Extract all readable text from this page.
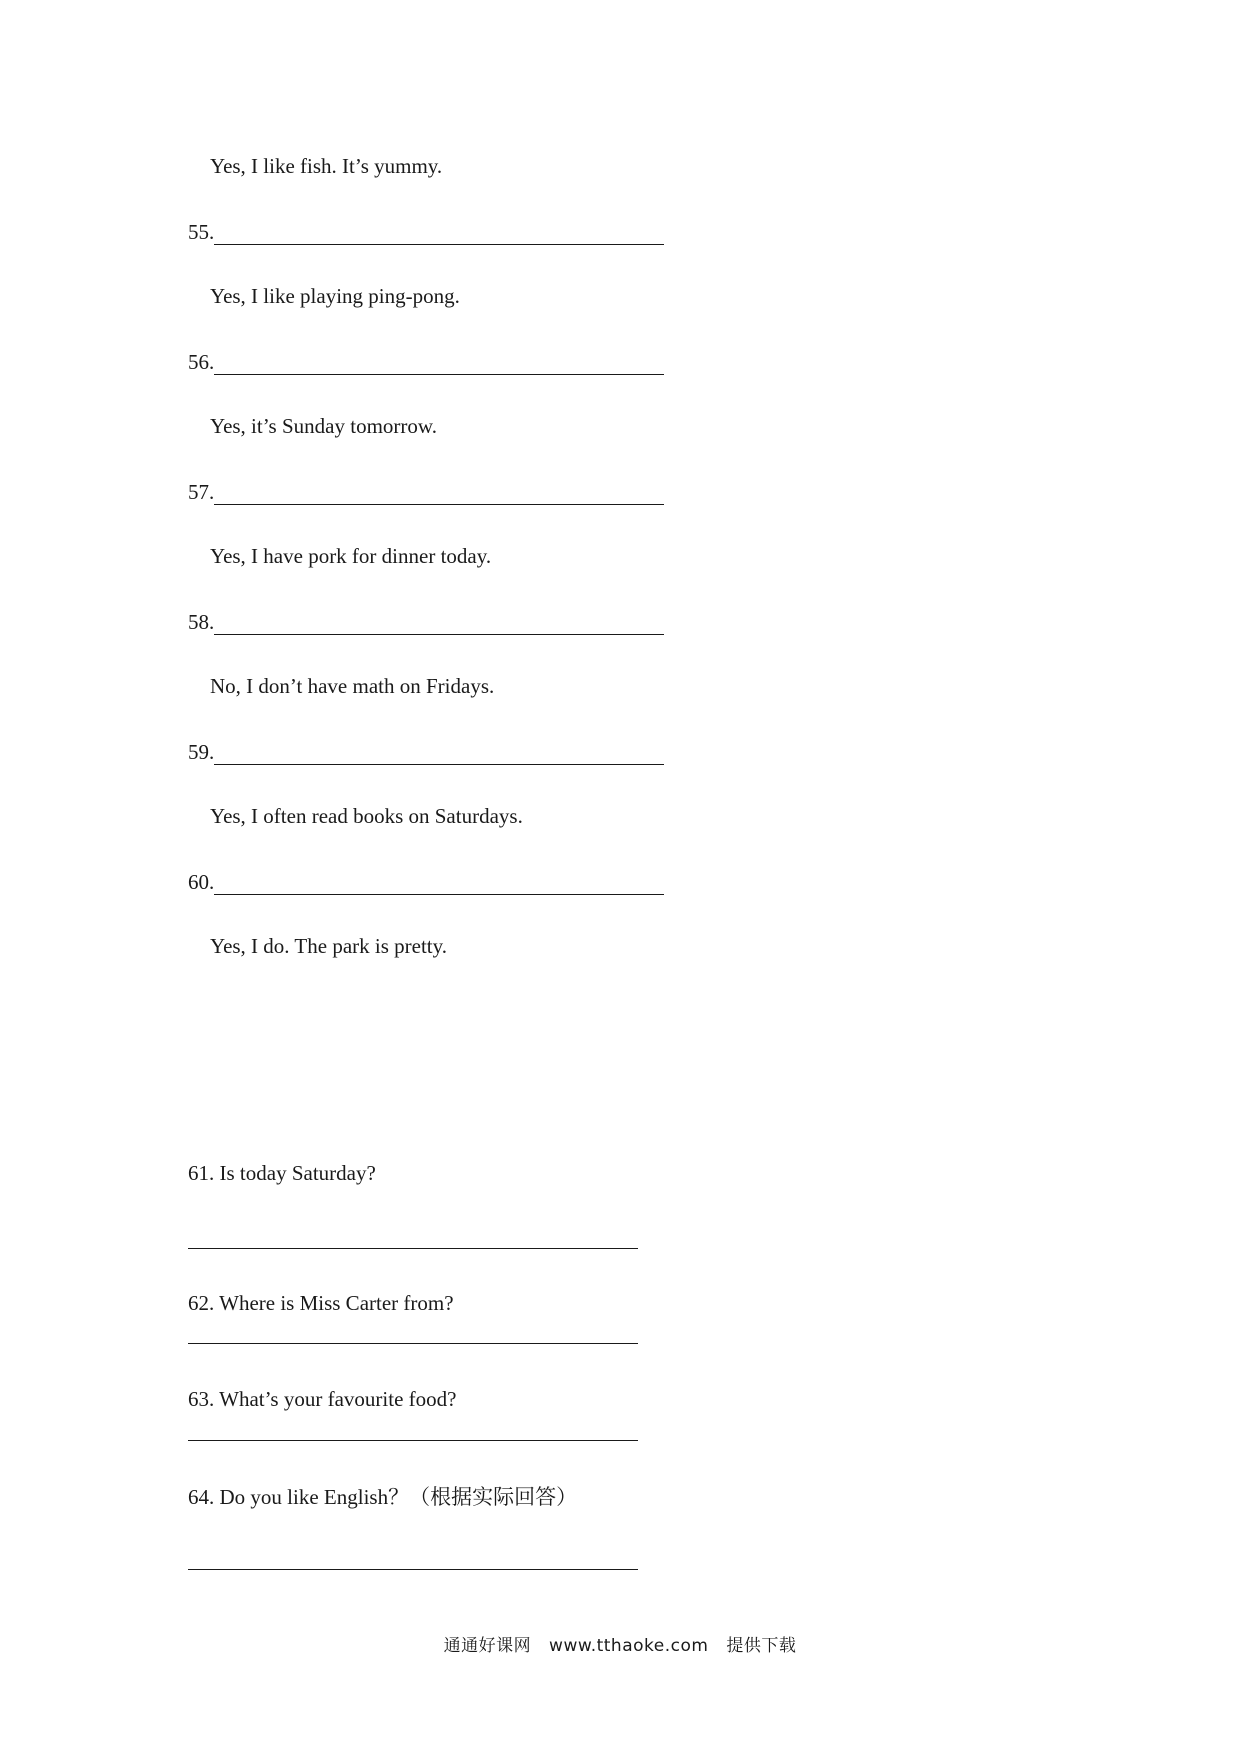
Yes, I like fish. It’s yummy.
55.
Yes, I like playing ping-pong.
56.
Yes, it’s Sunday tomorrow.
57.
Yes, I have pork for dinner today.
58.
No, I don’t have math on Fridays.
59.
Yes, I often read books on Saturdays.
60.
Yes, I do. The park is pretty.
61. Is today Saturday?
62. Where is Miss Carter from?
63. What’s your favourite food?
64. Do you like English？（根据实际回答）
通通好课网 www.tthaoke.com 提供下载
